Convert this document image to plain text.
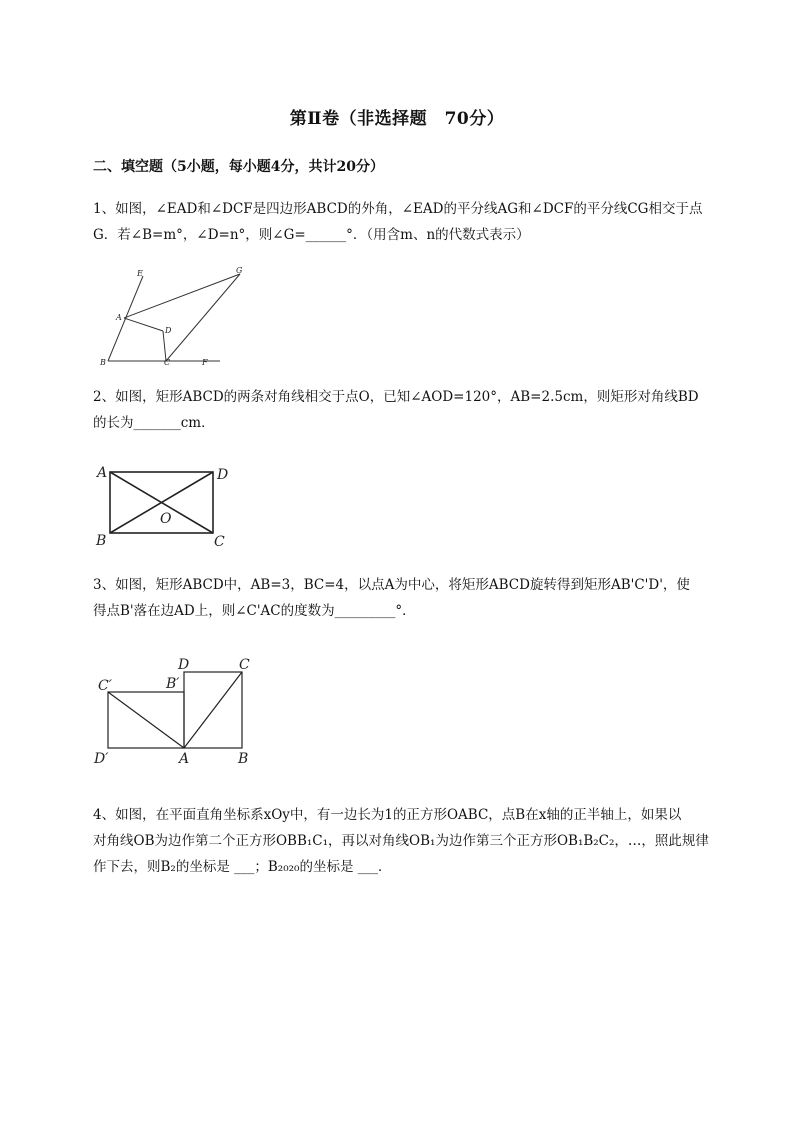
第Ⅱ卷（非选择题　70分）
二、填空题（5小题，每小题4分，共计20分）
1、如图，∠EAD和∠DCF是四边形ABCD的外角，∠EAD的平分线AG和∠DCF的平分线CG相交于点
G．若∠B=m°，∠D=n°，则∠G=______°．（用含m、n的代数式表示）
E	G
A
D
B	C	F
2、如图，矩形ABCD的两条对角线相交于点O，已知∠AOD=120°，AB=2.5cm，则矩形对角线BD
的长为_______cm．
A	D
O
B	C
3、如图，矩形ABCD中，AB=3，BC=4，以点A为中心，将矩形ABCD旋转得到矩形AB'C'D'，使
得点B'落在边AD上，则∠C'AC的度数为_________°．
D	C
C′	B′
D′	A	B
4、如图，在平面直角坐标系xOy中，有一边长为1的正方形OABC，点B在x轴的正半轴上，如果以
对角线OB为边作第二个正方形OBB₁C₁，再以对角线OB₁为边作第三个正方形OB₁B₂C₂，…，照此规律
作下去，则B₂的坐标是 ___；B₂₀₂₀的坐标是 ___．
